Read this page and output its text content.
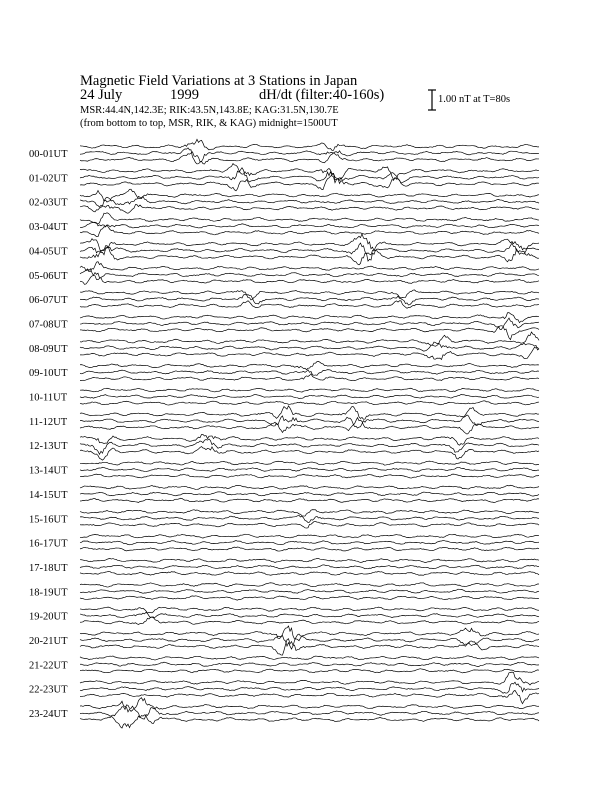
Magnetic Field Variations at 3 Stations in Japan
24 July	1999	dH/dt (filter:40-160s)
MSR:44.4N,142.3E; RIK:43.5N,143.8E; KAG:31.5N,130.7E
(from bottom to top, MSR, RIK, & KAG) midnight=1500UT
1.00 nT at T=80s
00-01UT
01-02UT
02-03UT
03-04UT
04-05UT
05-06UT
06-07UT
07-08UT
08-09UT
09-10UT
10-11UT
11-12UT
12-13UT
13-14UT
14-15UT
15-16UT
16-17UT
17-18UT
18-19UT
19-20UT
20-21UT
21-22UT
22-23UT
23-24UT
